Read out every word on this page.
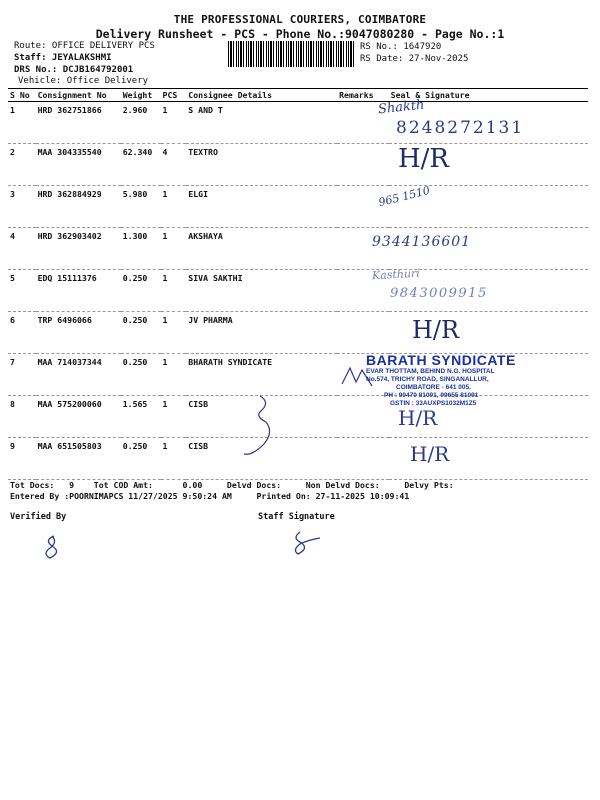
THE PROFESSIONAL COURIERS, COIMBATORE
Delivery Runsheet - PCS - Phone No.:9047080280 - Page No.:1
Route: OFFICE DELIVERY PCS
Staff: JEYALAKSHMI
DRS No.: DCJB164792001
Vehicle: Office Delivery
RS No.: 1647920
RS Date: 27-Nov-2025
S No	Consignment No	Weight	PCS	Consignee Details	Remarks	Seal & Signature
1	HRD 362751866	2.960	1	S AND T		
2	MAA 304335540	62.340	4	TEXTRO		
3	HRD 362884929	5.980	1	ELGI		
4	HRD 362903402	1.300	1	AKSHAYA		
5	EDQ 15111376	0.250	1	SIVA SAKTHI		
6	TRP 6496066	0.250	1	JV PHARMA		
7	MAA 714037344	0.250	1	BHARATH SYNDICATE		
8	MAA 575200060	1.565	1	CISB		
9	MAA 651505803	0.250	1	CISB		
Shakth
8248272131
H/R
965 1510
9344136601
Kasthuri
9843009915
H/R
H/R
H/R
BARATH SYNDICATE
EVAR THOTTAM, BEHIND N.G. HOSPITAL
No.574, TRICHY ROAD, SINGANALLUR,
COIMBATORE - 641 005.
PH : 90470 81091, 99655 81091
GSTIN : 33AUXPS1032M1Z5
Tot Docs:   9    Tot COD Amt:      0.00     Delvd Docs:     Non Delvd Docs:     Delvy Pts:
Entered By :POORNIMAPCS 11/27/2025 9:50:24 AM     Printed On: 27-11-2025 10:09:41
Verified By	Staff Signature
